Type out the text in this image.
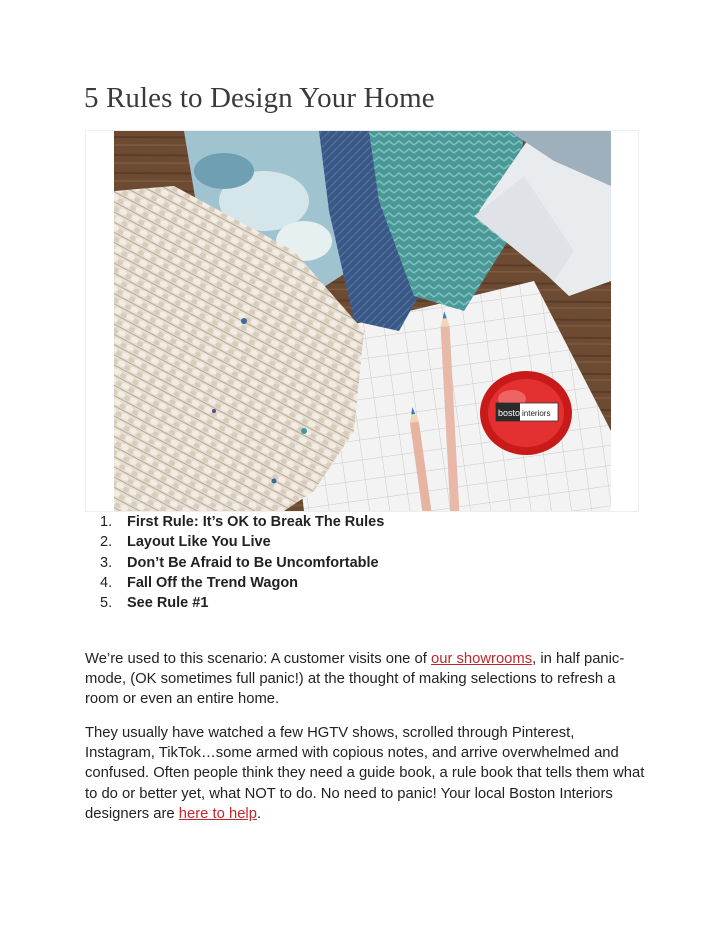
5 Rules to Design Your Home
boston
interiors
1.	First Rule: It’s OK to Break The Rules
2.	Layout Like You Live
3.	Don’t Be Afraid to Be Uncomfortable
4.	Fall Off the Trend Wagon
5.	See Rule #1

We’re used to this scenario: A customer visits one of our showrooms, in half panic-mode, (OK sometimes full panic!) at the thought of making selections to refresh a room or even an entire home.

They usually have watched a few HGTV shows, scrolled through Pinterest, Instagram, TikTok…some armed with copious notes, and arrive overwhelmed and confused. Often people think they need a guide book, a rule book that tells them what to do or better yet, what NOT to do. No need to panic! Your local Boston Interiors designers are here to help.
